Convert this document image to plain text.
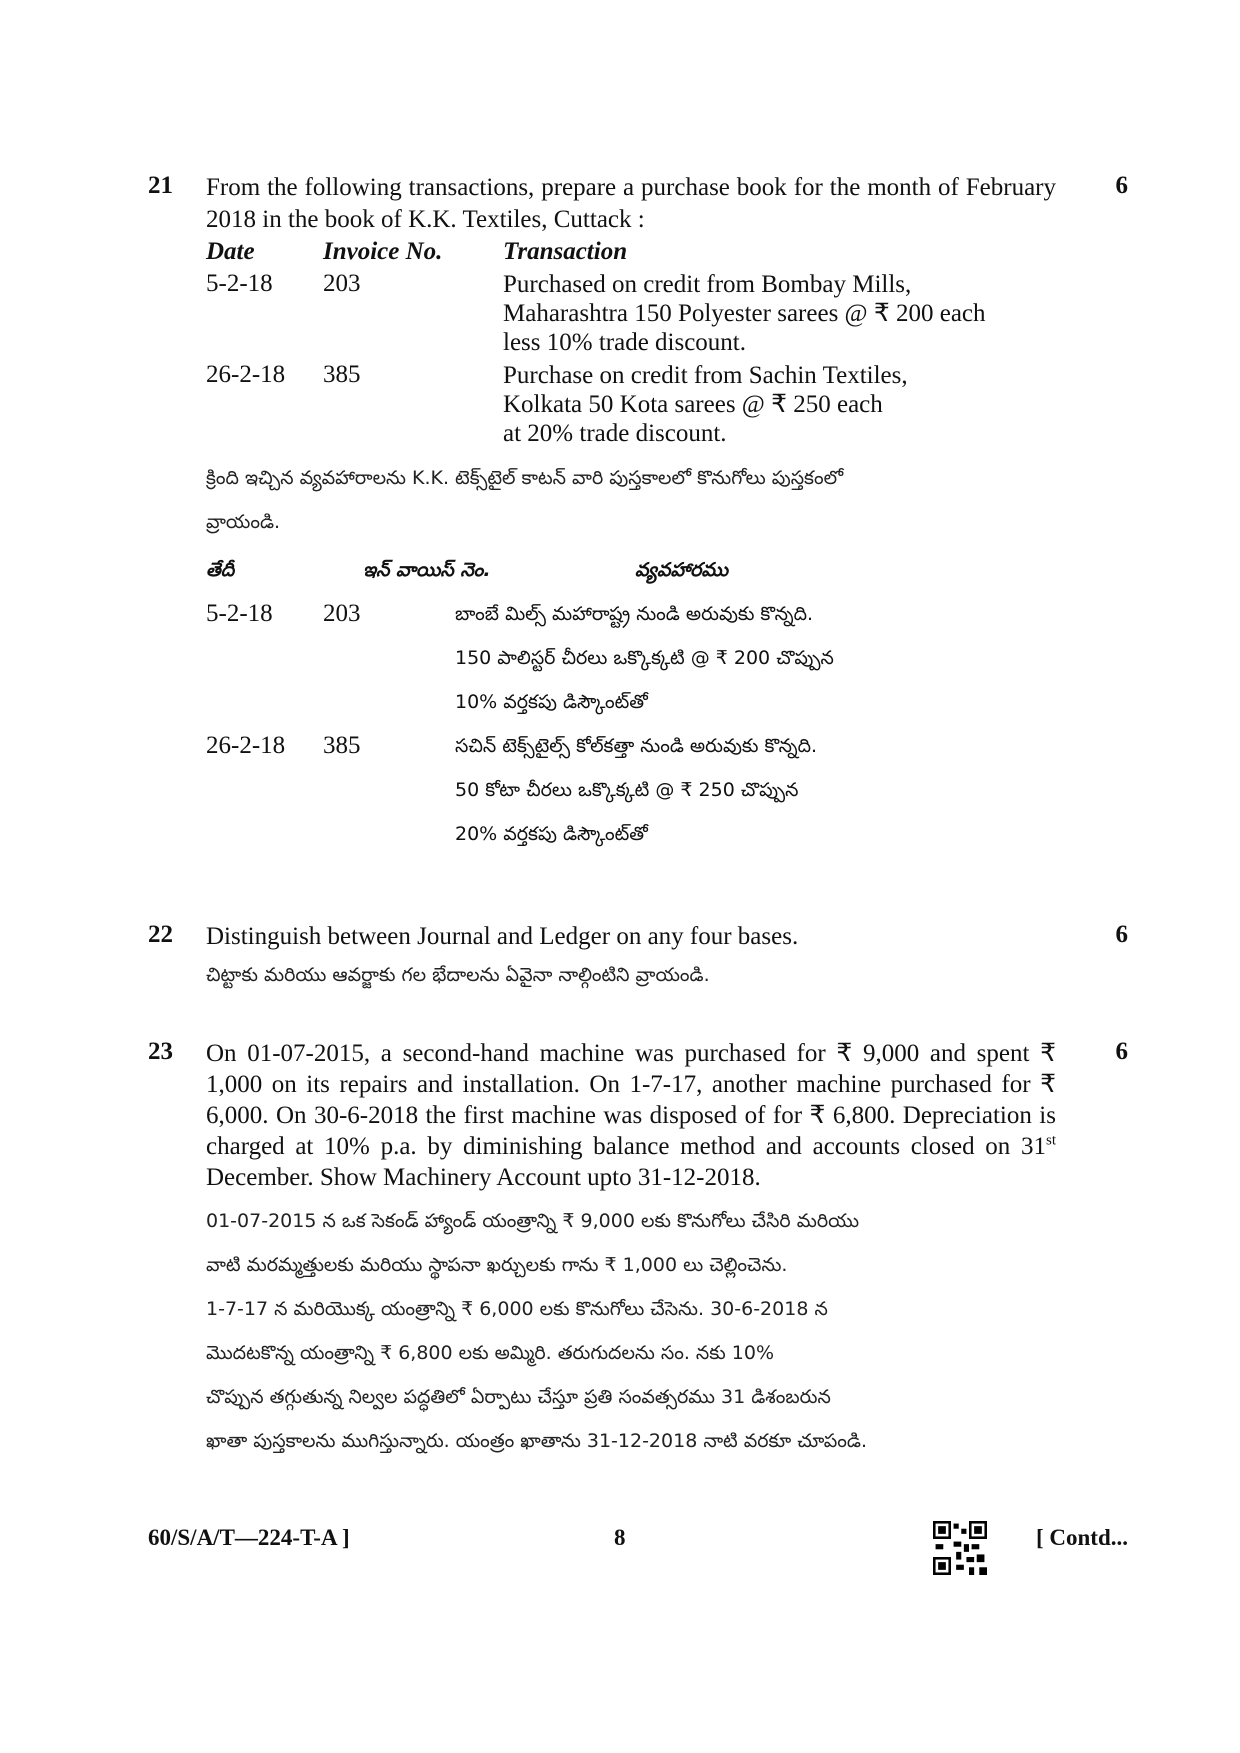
21	6
From the following transactions, prepare a purchase book for the month of February 2018 in the book of K.K. Textiles, Cuttack :
Date	Invoice No.	Transaction
5-2-18	203	Purchased on credit from Bombay Mills,
Maharashtra 150 Polyester sarees @ ₹ 200 each
less 10% trade discount.
26-2-18	385	Purchase on credit from Sachin Textiles,
Kolkata 50 Kota sarees @ ₹ 250 each
at 20% trade discount.
క్రింది ఇచ్చిన వ్యవహారాలను K.K. టెక్స్‌టైల్ కాటన్ వారి పుస్తకాలలో కొనుగోలు పుస్తకంలో
వ్రాయండి.
తేదీ	ఇన్ వాయిస్ నెం.	వ్యవహారము
5-2-18	203	బాంబే మిల్స్ మహారాష్ట్ర నుండి అరువుకు కొన్నది.
150 పాలిస్టర్ చీరలు ఒక్కొక్కటి @ ₹ 200 చొప్పున
10% వర్తకపు డిస్కౌంట్‌తో
26-2-18	385	సచిన్ టెక్స్‌టైల్స్ కోల్‌కత్తా నుండి అరువుకు కొన్నది.
50 కోటా చీరలు ఒక్కొక్కటి @ ₹ 250 చొప్పున
20% వర్తకపు డిస్కౌంట్‌తో
22	6
Distinguish between Journal and Ledger on any four bases.
చిట్టాకు మరియు ఆవర్జాకు గల భేదాలను ఏవైనా నాల్గింటిని వ్రాయండి.
23	6
On 01-07-2015, a second-hand machine was purchased for ₹ 9,000 and spent ₹ 1,000 on its repairs and installation. On 1-7-17, another machine purchased for ₹ 6,000. On 30-6-2018 the first machine was disposed of for ₹ 6,800. Depreciation is charged at 10% p.a. by diminishing balance method and accounts closed on 31st December. Show Machinery Account upto 31-12-2018.
01-07-2015 న ఒక సెకండ్ హ్యాండ్ యంత్రాన్ని ₹ 9,000 లకు కొనుగోలు చేసిరి మరియు
వాటి మరమ్మత్తులకు మరియు స్థాపనా ఖర్చులకు గాను ₹ 1,000 లు చెల్లించెను.
1-7-17 న మరియొక్క యంత్రాన్ని ₹ 6,000 లకు కొనుగోలు చేసెను. 30-6-2018 న
మొదటకొన్న యంత్రాన్ని ₹ 6,800 లకు అమ్మిరి. తరుగుదలను సం. నకు 10%
చొప్పున తగ్గుతున్న నిల్వల పద్ధతిలో ఏర్పాటు చేస్తూ ప్రతి సంవత్సరము 31 డిశంబరున
ఖాతా పుస్తకాలను ముగిస్తున్నారు. యంత్రం ఖాతాను 31-12-2018 నాటి వరకూ చూపండి.
60/S/A/T—224-T-A ]	8	[ Contd...
